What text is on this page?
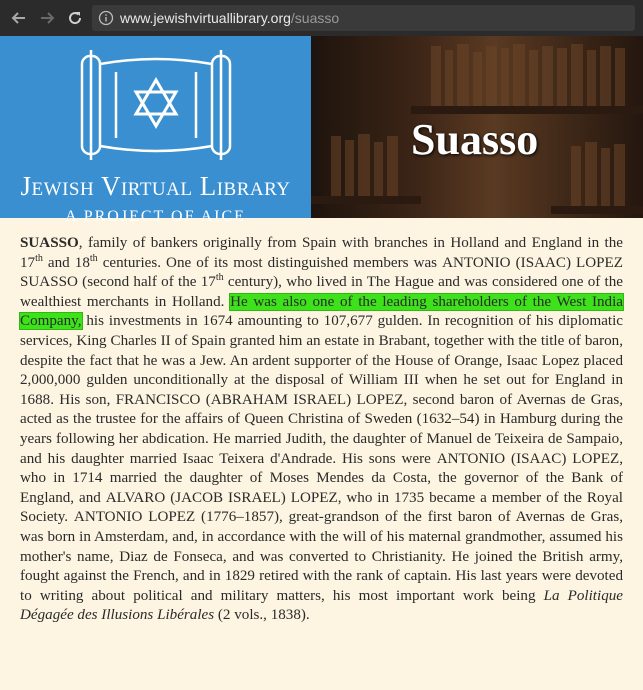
www.jewishvirtuallibrary.org /suasso
Jewish Virtual Library
A PROJECT OF AICE
Suasso

SUASSO, family of bankers originally from Spain with branches in Holland and England in the 17th and 18th centuries. One of its most distinguished members was ANTONIO (ISAAC) LOPEZ SUASSO (second half of the 17th century), who lived in The Hague and was considered one of the wealthiest merchants in Holland. He was also one of the leading shareholders of the West India Company, his investments in 1674 amounting to 107,677 gulden. In recognition of his diplomatic services, King Charles II of Spain granted him an estate in Brabant, together with the title of baron, despite the fact that he was a Jew. An ardent supporter of the House of Orange, Isaac Lopez placed 2,000,000 gulden unconditionally at the disposal of William III when he set out for England in 1688. His son, FRANCISCO (ABRAHAM ISRAEL) LOPEZ, second baron of Avernas de Gras, acted as the trustee for the affairs of Queen Christina of Sweden (1632–54) in Hamburg during the years following her abdication. He married Judith, the daughter of Manuel de Teixeira de Sampaio, and his daughter married Isaac Teixera d'Andrade. His sons were ANTONIO (ISAAC) LOPEZ, who in 1714 married the daughter of Moses Mendes da Costa, the governor of the Bank of England, and ALVARO (JACOB ISRAEL) LOPEZ, who in 1735 became a member of the Royal Society. ANTONIO LOPEZ (1776–1857), great-grandson of the first baron of Avernas de Gras, was born in Amsterdam, and, in accordance with the will of his maternal grandmother, assumed his mother's name, Diaz de Fonseca, and was converted to Christianity. He joined the British army, fought against the French, and in 1829 retired with the rank of captain. His last years were devoted to writing about political and military matters, his most important work being La Politique Dégagée des Illusions Libérales (2 vols., 1838).
